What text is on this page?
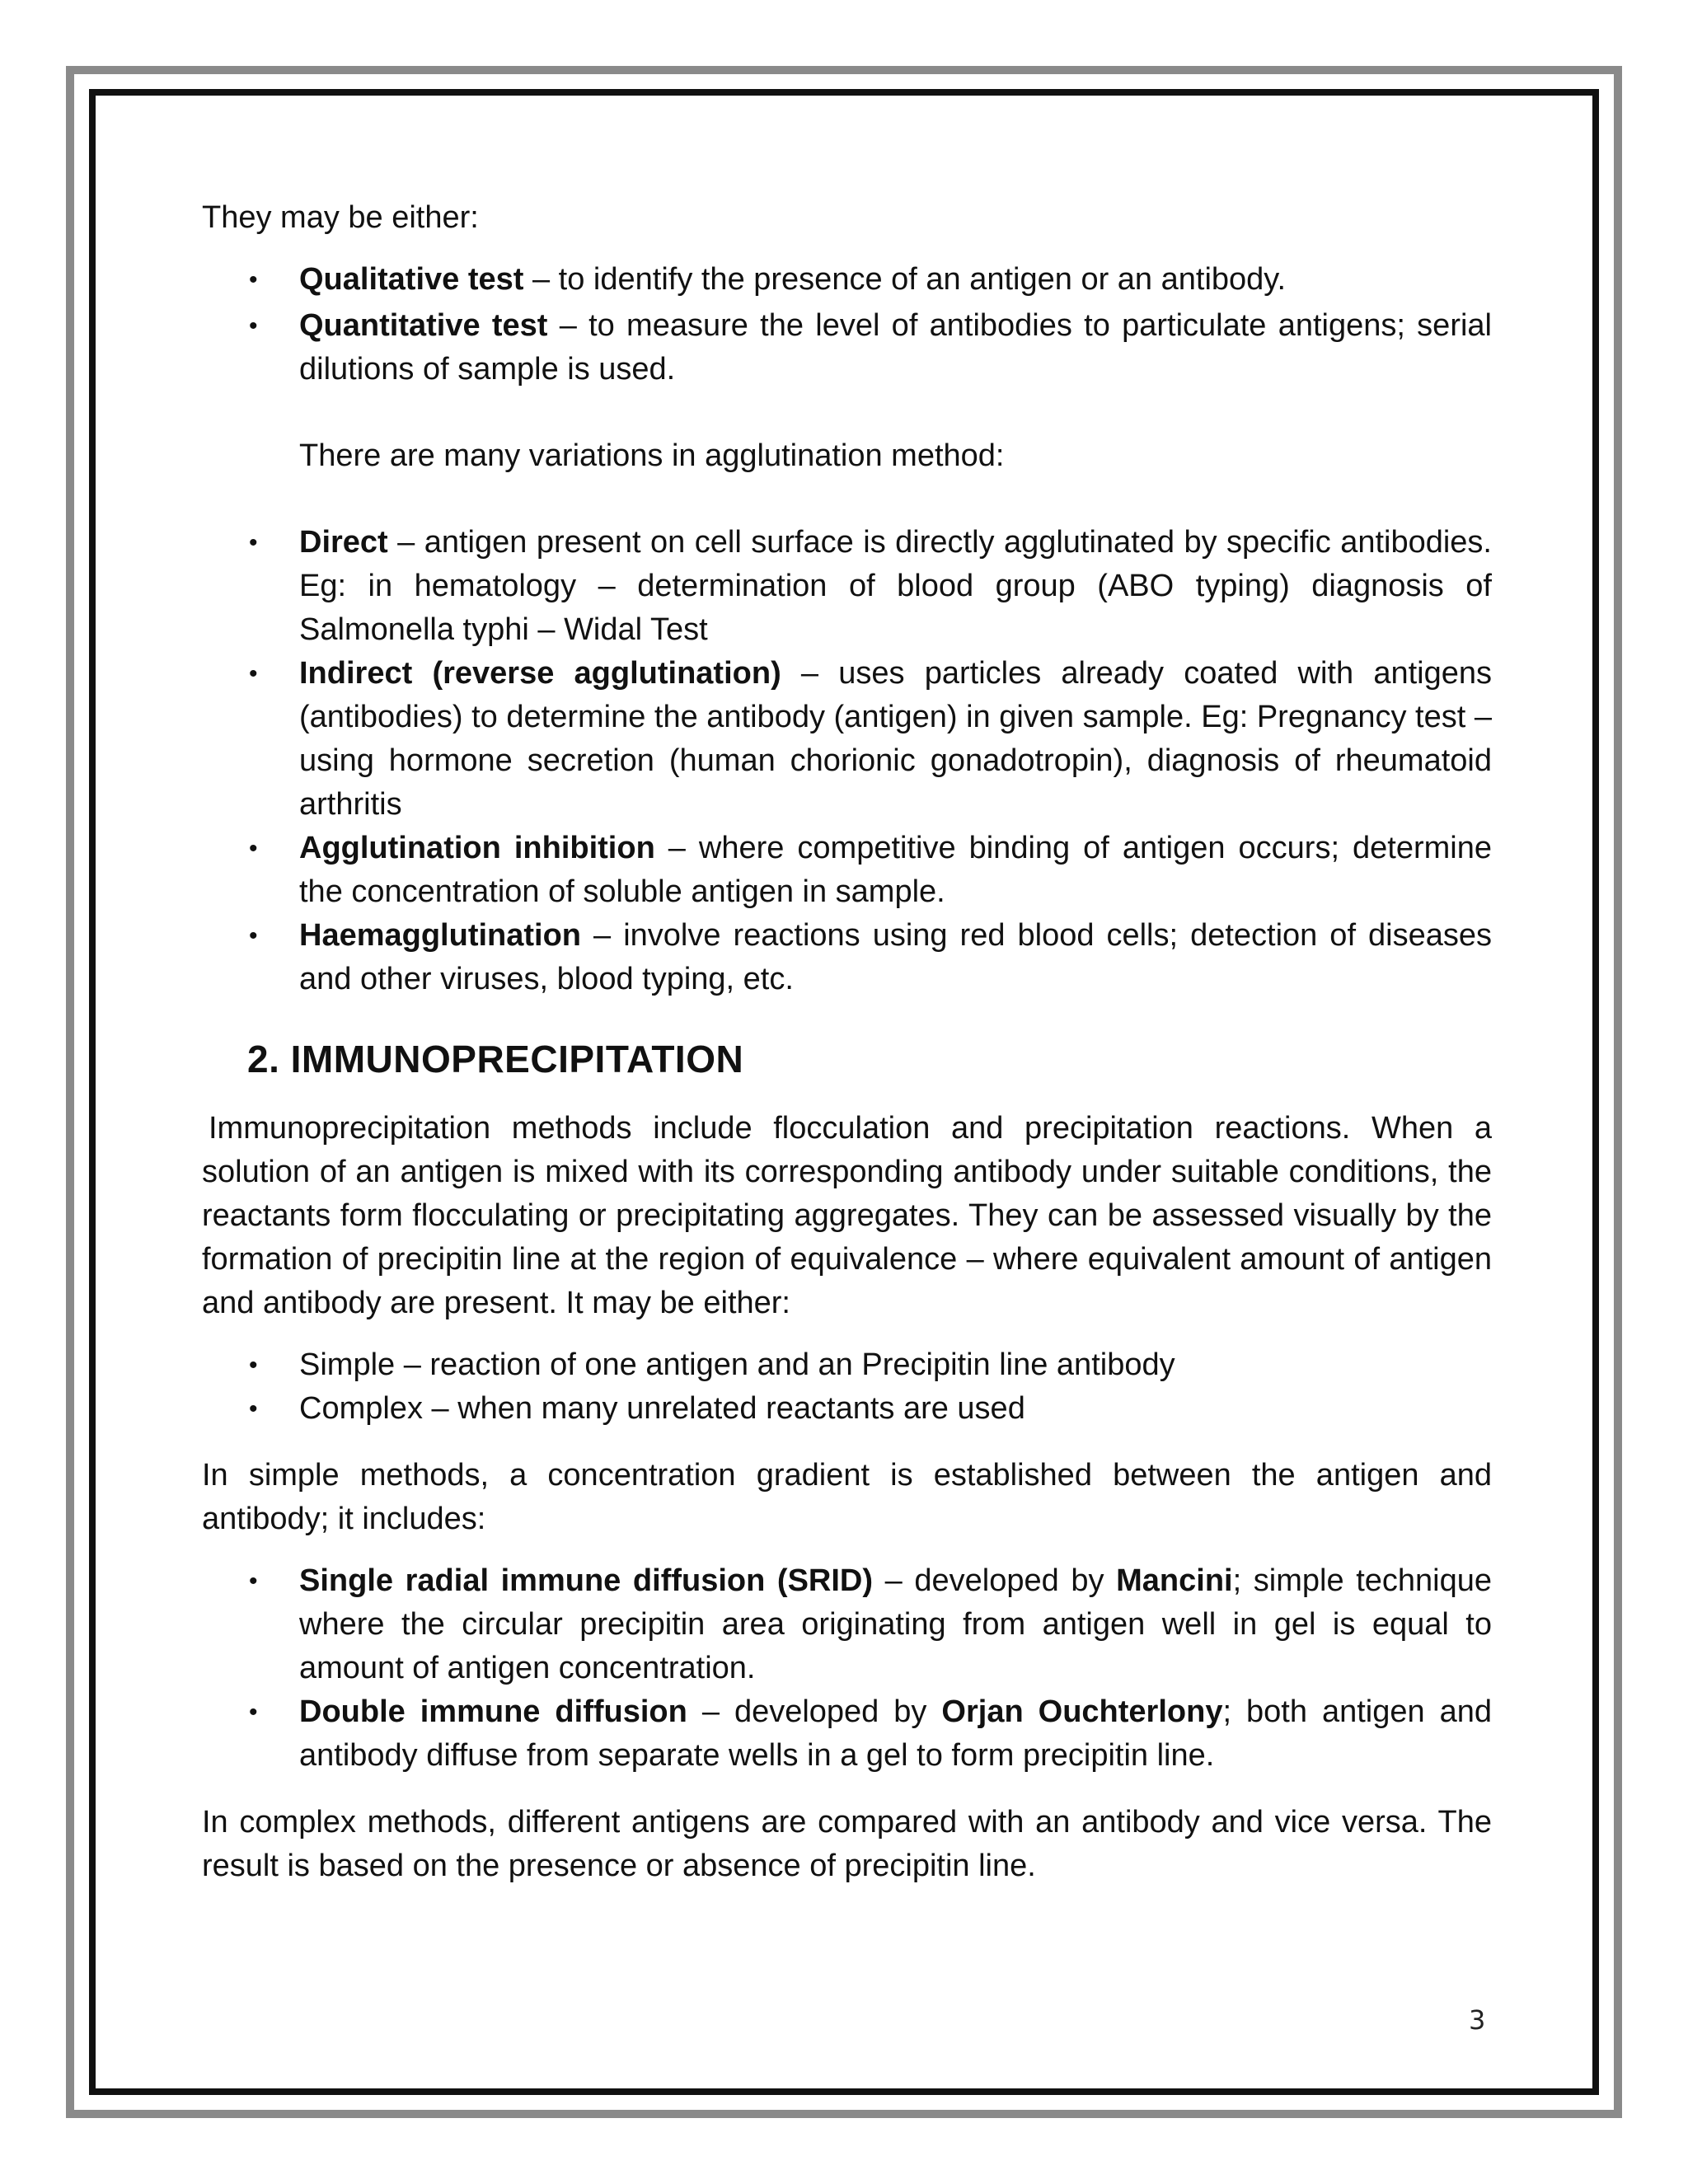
They may be either:

• Qualitative test – to identify the presence of an antigen or an antibody.
• Quantitative test – to measure the level of antibodies to particulate antigens; serial dilutions of sample is used.

There are many variations in agglutination method:

• Direct – antigen present on cell surface is directly agglutinated by specific antibodies. Eg: in hematology – determination of blood group (ABO typing) diagnosis of Salmonella typhi – Widal Test
• Indirect (reverse agglutination) – uses particles already coated with antigens (antibodies) to determine the antibody (antigen) in given sample. Eg: Pregnancy test – using hormone secretion (human chorionic gonadotropin), diagnosis of rheumatoid arthritis
• Agglutination inhibition – where competitive binding of antigen occurs; determine the concentration of soluble antigen in sample.
• Haemagglutination – involve reactions using red blood cells; detection of diseases and other viruses, blood typing, etc.
2. IMMUNOPRECIPITATION

Immunoprecipitation methods include flocculation and precipitation reactions. When a solution of an antigen is mixed with its corresponding antibody under suitable conditions, the reactants form flocculating or precipitating aggregates. They can be assessed visually by the formation of precipitin line at the region of equivalence – where equivalent amount of antigen and antibody are present. It may be either:

• Simple – reaction of one antigen and an Precipitin line antibody
• Complex – when many unrelated reactants are used

In simple methods, a concentration gradient is established between the antigen and antibody; it includes:

• Single radial immune diffusion (SRID) – developed by Mancini; simple technique where the circular precipitin area originating from antigen well in gel is equal to amount of antigen concentration.
• Double immune diffusion – developed by Orjan Ouchterlony; both antigen and antibody diffuse from separate wells in a gel to form precipitin line.

In complex methods, different antigens are compared with an antibody and vice versa. The result is based on the presence or absence of precipitin line.

3
